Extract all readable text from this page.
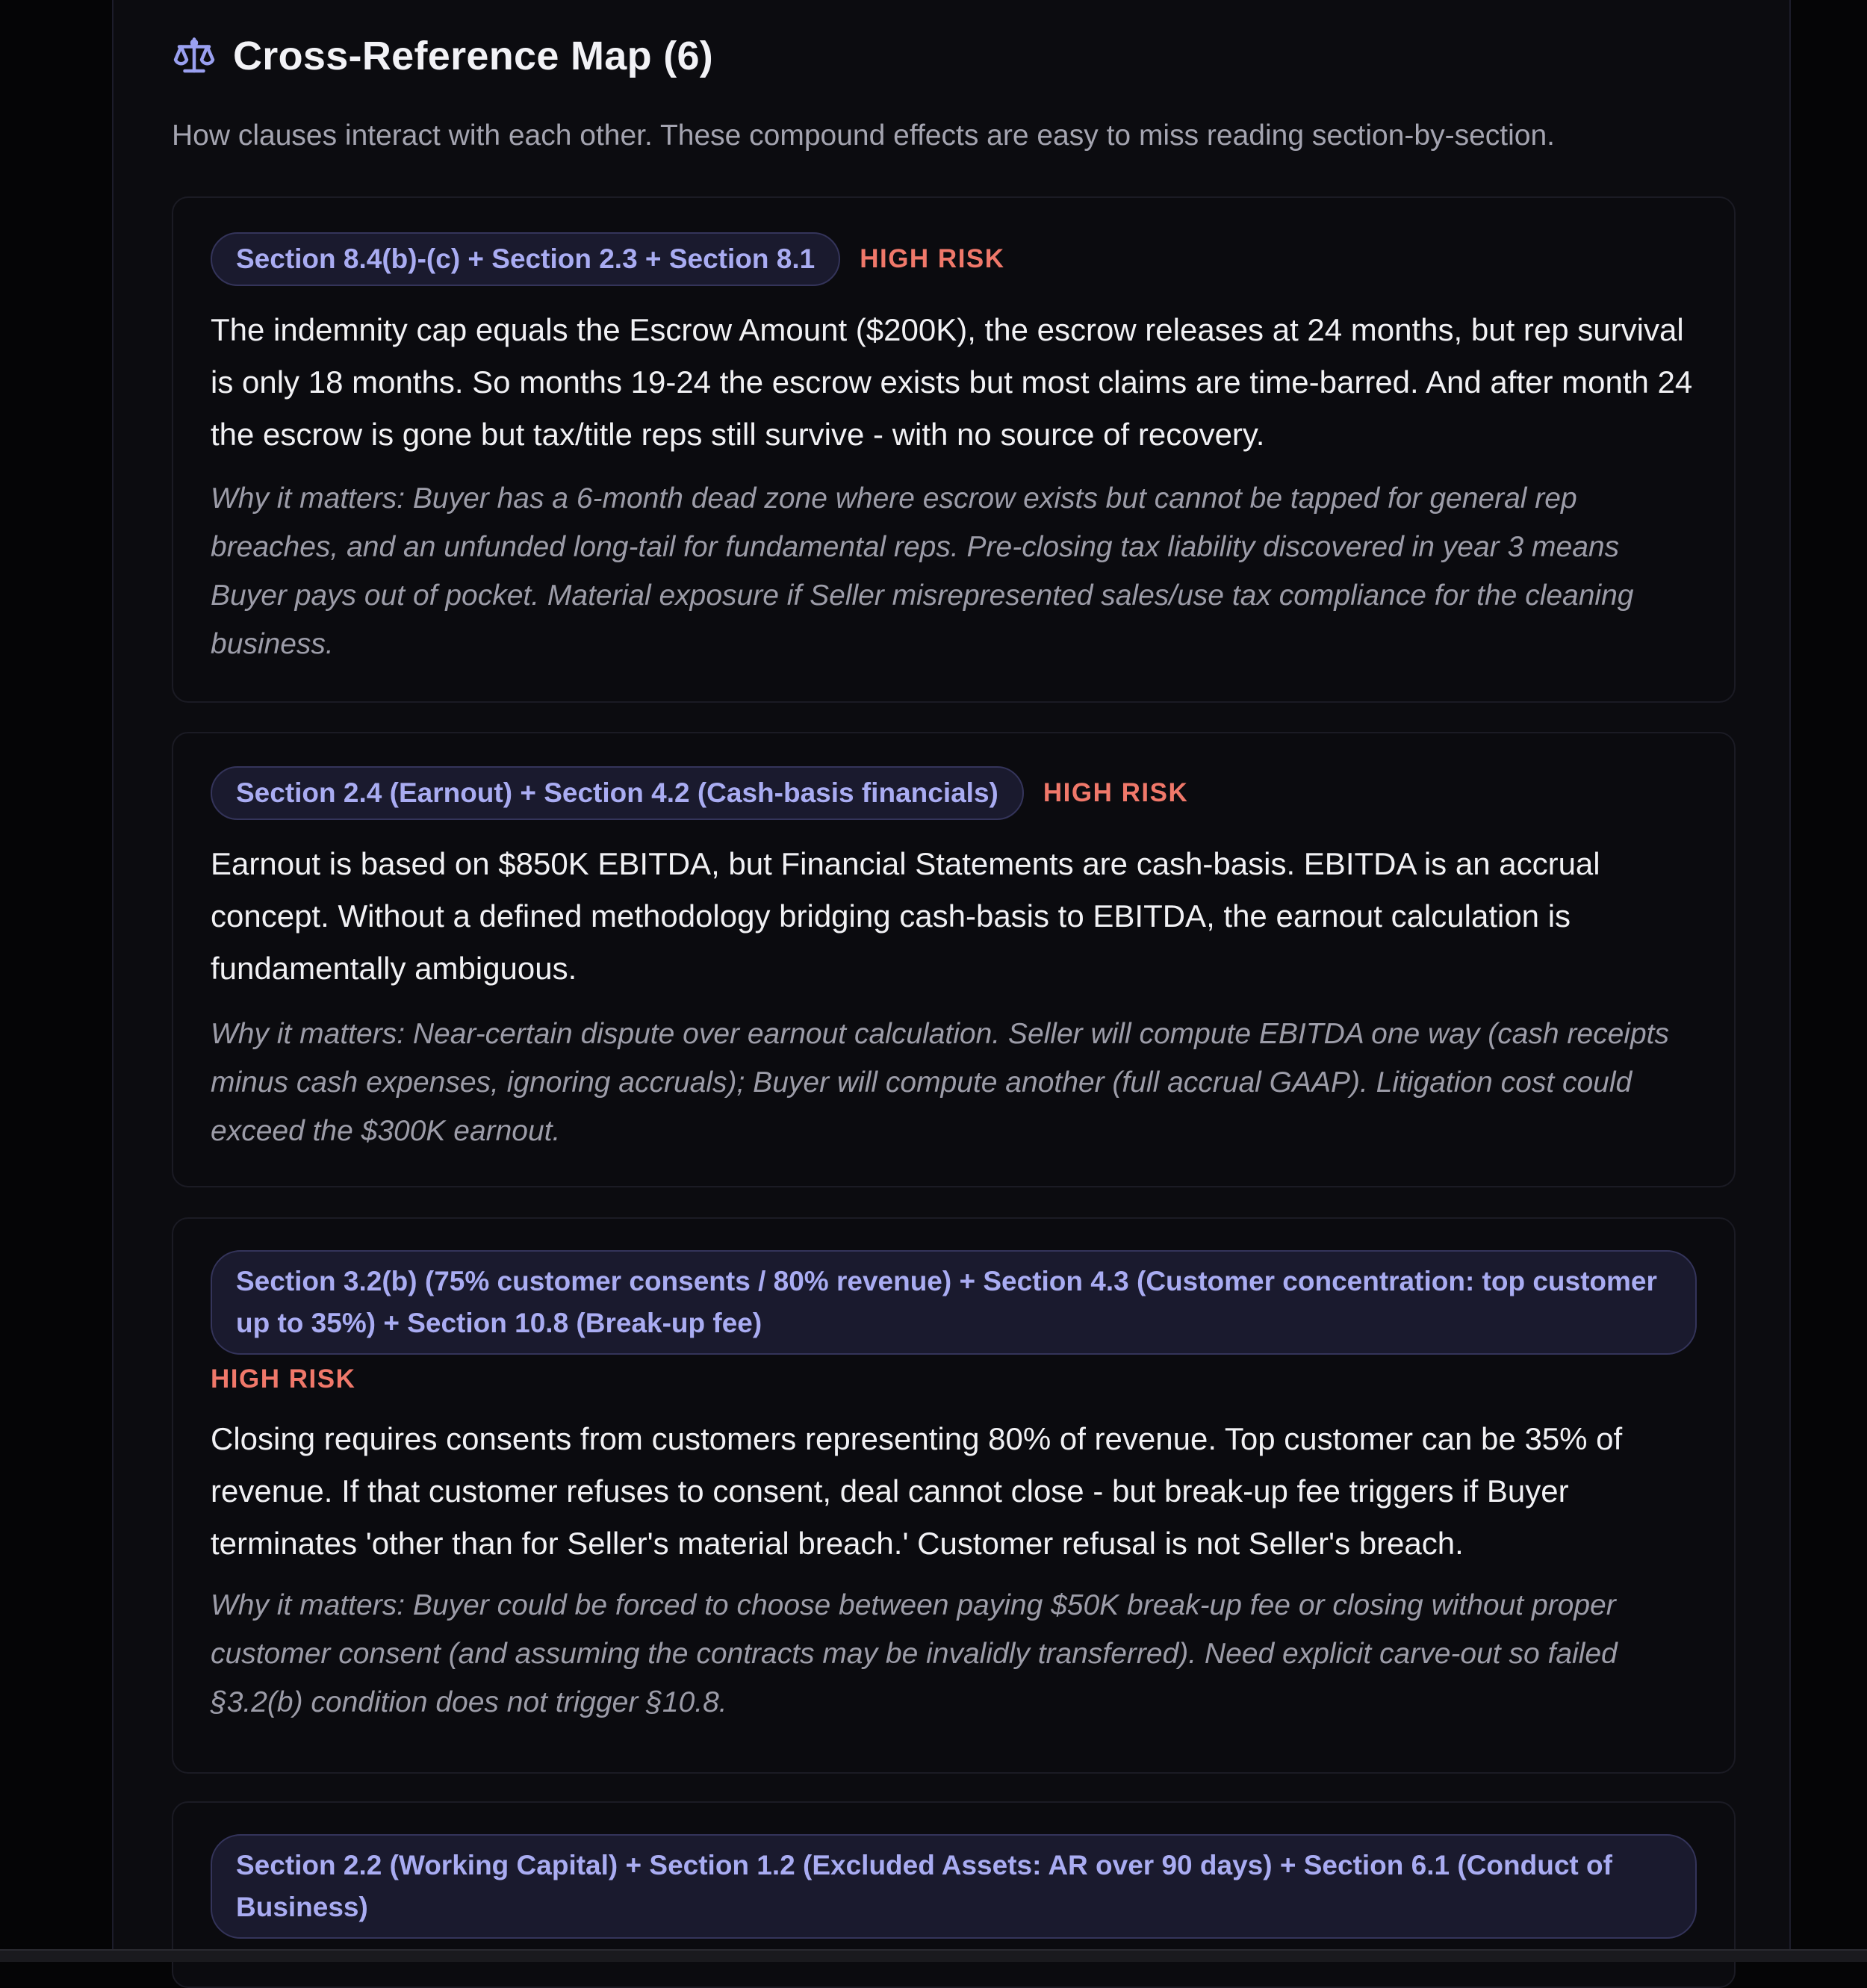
Cross-Reference Map (6)
How clauses interact with each other. These compound effects are easy to miss reading section-by-section.
Section 8.4(b)-(c) + Section 2.3 + Section 8.1	HIGH RISK
The indemnity cap equals the Escrow Amount ($200K), the escrow releases at 24 months, but rep survival is only 18 months. So months 19-24 the escrow exists but most claims are time-barred. And after month 24 the escrow is gone but tax/title reps still survive - with no source of recovery.
Why it matters: Buyer has a 6-month dead zone where escrow exists but cannot be tapped for general rep breaches, and an unfunded long-tail for fundamental reps. Pre-closing tax liability discovered in year 3 means Buyer pays out of pocket. Material exposure if Seller misrepresented sales/use tax compliance for the cleaning business.
Section 2.4 (Earnout) + Section 4.2 (Cash-basis financials)	HIGH RISK
Earnout is based on $850K EBITDA, but Financial Statements are cash-basis. EBITDA is an accrual concept. Without a defined methodology bridging cash-basis to EBITDA, the earnout calculation is fundamentally ambiguous.
Why it matters: Near-certain dispute over earnout calculation. Seller will compute EBITDA one way (cash receipts minus cash expenses, ignoring accruals); Buyer will compute another (full accrual GAAP). Litigation cost could exceed the $300K earnout.
Section 3.2(b) (75% customer consents / 80% revenue) + Section 4.3 (Customer concentration: top customer up to 35%) + Section 10.8 (Break-up fee)
HIGH RISK
Closing requires consents from customers representing 80% of revenue. Top customer can be 35% of revenue. If that customer refuses to consent, deal cannot close - but break-up fee triggers if Buyer terminates 'other than for Seller's material breach.' Customer refusal is not Seller's breach.
Why it matters: Buyer could be forced to choose between paying $50K break-up fee or closing without proper customer consent (and assuming the contracts may be invalidly transferred). Need explicit carve-out so failed §3.2(b) condition does not trigger §10.8.
Section 2.2 (Working Capital) + Section 1.2 (Excluded Assets: AR over 90 days) + Section 6.1 (Conduct of Business)
